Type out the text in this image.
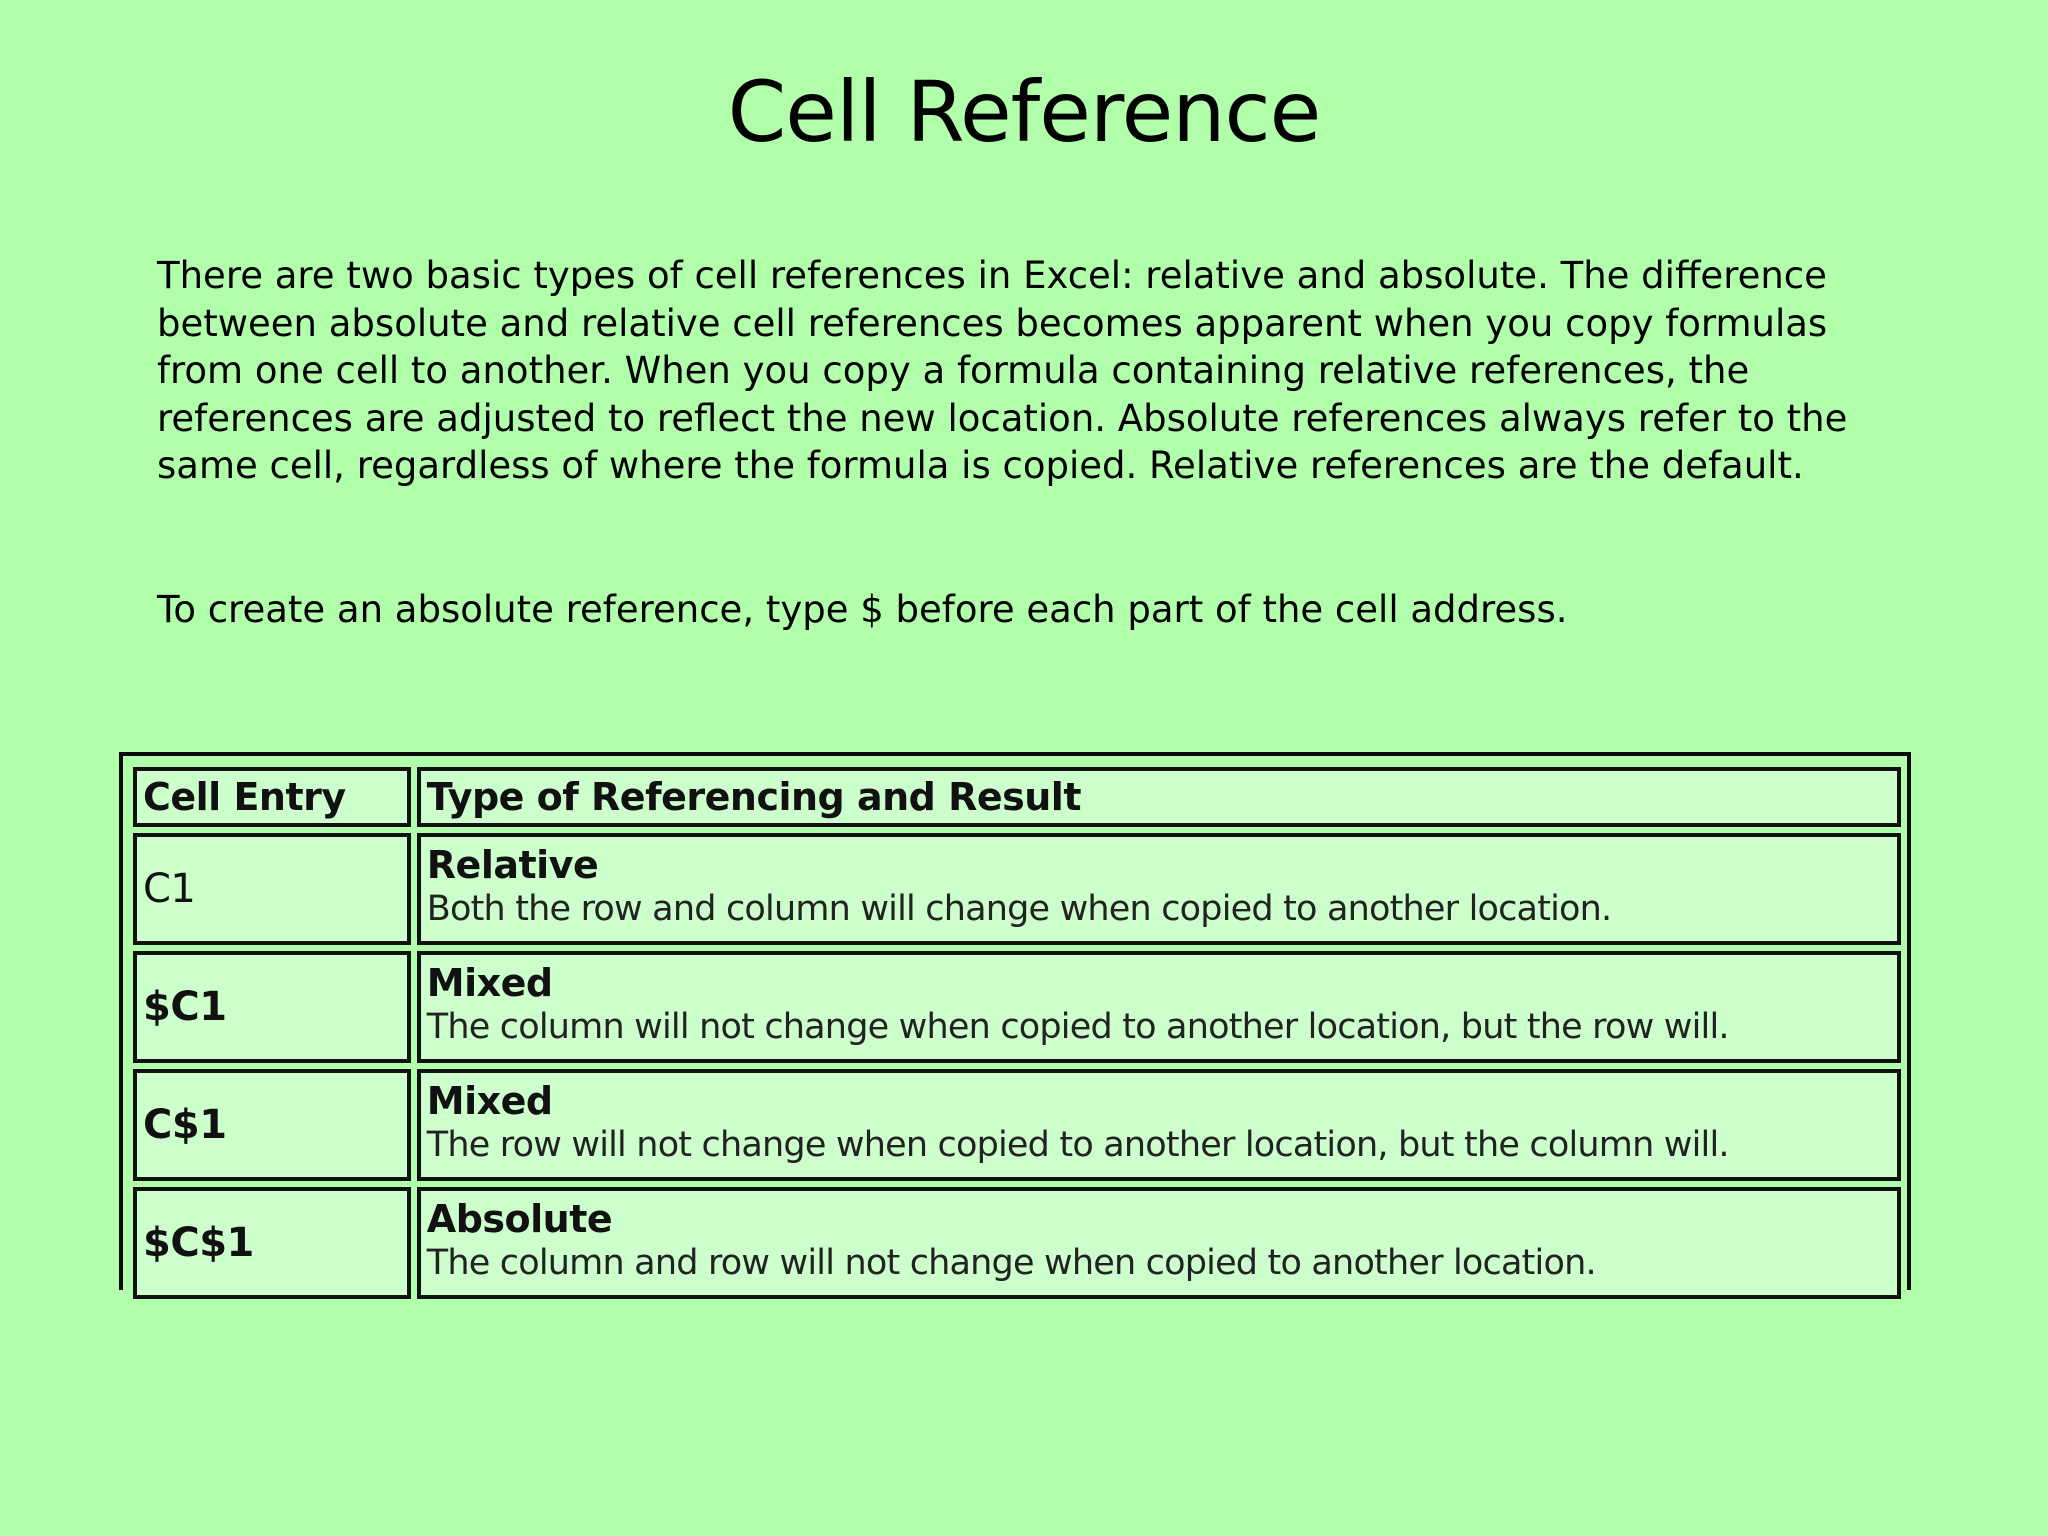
Cell Reference

There are two basic types of cell references in Excel: relative and absolute. The difference between absolute and relative cell references becomes apparent when you copy formulas from one cell to another. When you copy a formula containing relative references, the references are adjusted to reflect the new location. Absolute references always refer to the same cell, regardless of where the formula is copied. Relative references are the default.

To create an absolute reference, type $ before each part of the cell address.

Cell Entry	Type of Referencing and Result
C1	Relative
Both the row and column will change when copied to another location.

$C1	Mixed
The column will not change when copied to another location, but the row will.

C$1	Mixed
The row will not change when copied to another location, but the column will.

$C$1	Absolute
The column and row will not change when copied to another location.
